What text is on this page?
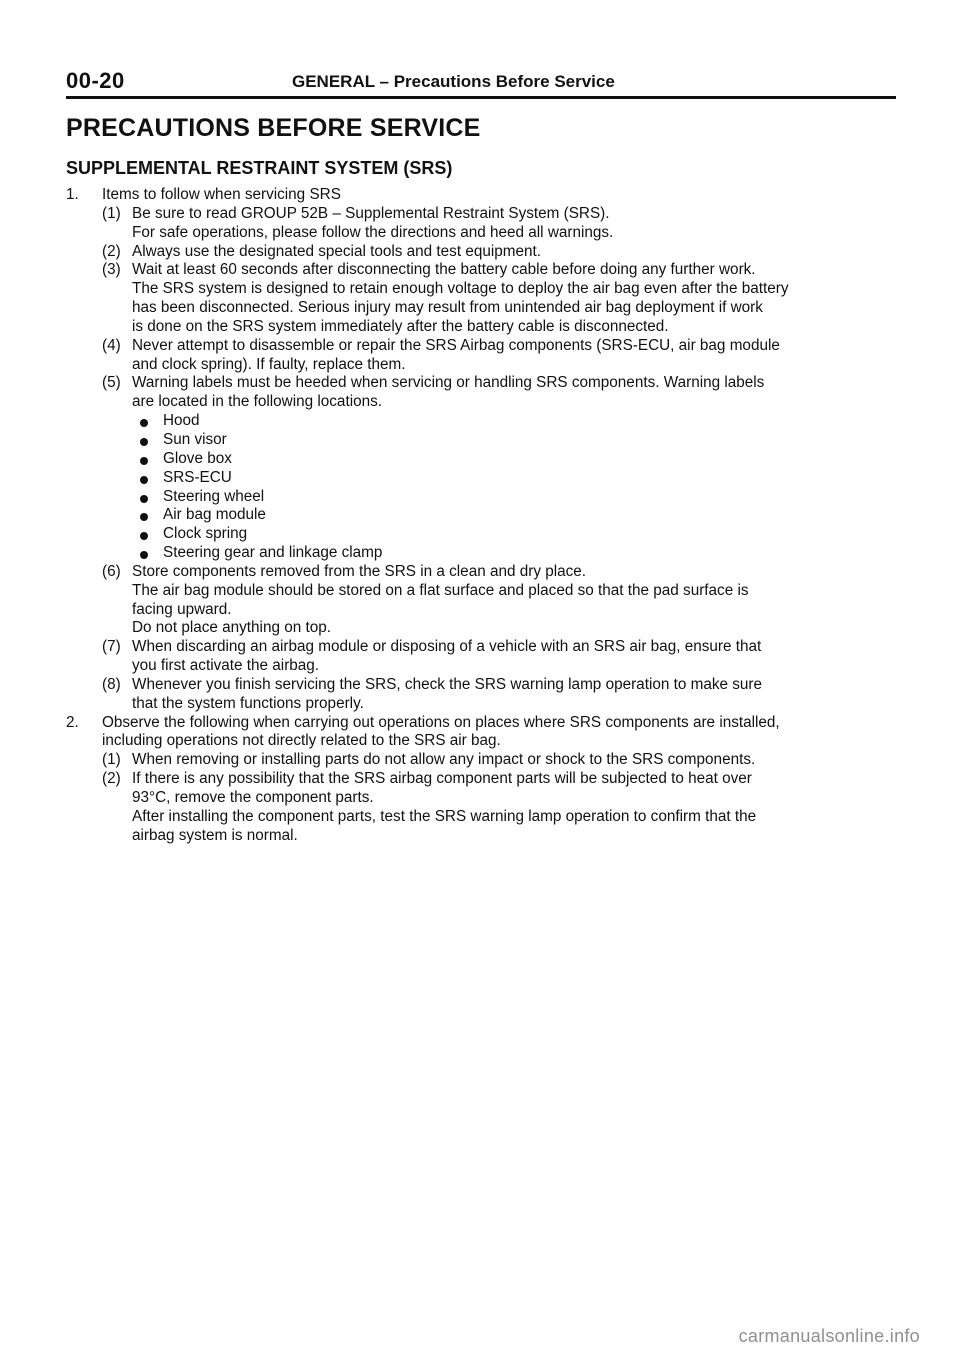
00-20	GENERAL – Precautions Before Service
PRECAUTIONS BEFORE SERVICE
SUPPLEMENTAL RESTRAINT SYSTEM (SRS)
1. Items to follow when servicing SRS
(1) Be sure to read GROUP 52B – Supplemental Restraint System (SRS).
For safe operations, please follow the directions and heed all warnings.
(2) Always use the designated special tools and test equipment.
(3) Wait at least 60 seconds after disconnecting the battery cable before doing any further work.
The SRS system is designed to retain enough voltage to deploy the air bag even after the battery
has been disconnected. Serious injury may result from unintended air bag deployment if work
is done on the SRS system immediately after the battery cable is disconnected.
(4) Never attempt to disassemble or repair the SRS Airbag components (SRS-ECU, air bag module
and clock spring). If faulty, replace them.
(5) Warning labels must be heeded when servicing or handling SRS components. Warning labels
are located in the following locations.
Hood
Sun visor
Glove box
SRS-ECU
Steering wheel
Air bag module
Clock spring
Steering gear and linkage clamp
(6) Store components removed from the SRS in a clean and dry place.
The air bag module should be stored on a flat surface and placed so that the pad surface is
facing upward.
Do not place anything on top.
(7) When discarding an airbag module or disposing of a vehicle with an SRS air bag, ensure that
you first activate the airbag.
(8) Whenever you finish servicing the SRS, check the SRS warning lamp operation to make sure
that the system functions properly.
2. Observe the following when carrying out operations on places where SRS components are installed,
including operations not directly related to the SRS air bag.
(1) When removing or installing parts do not allow any impact or shock to the SRS components.
(2) If there is any possibility that the SRS airbag component parts will be subjected to heat over
93°C, remove the component parts.
After installing the component parts, test the SRS warning lamp operation to confirm that the
airbag system is normal.
carmanualsonline.info
